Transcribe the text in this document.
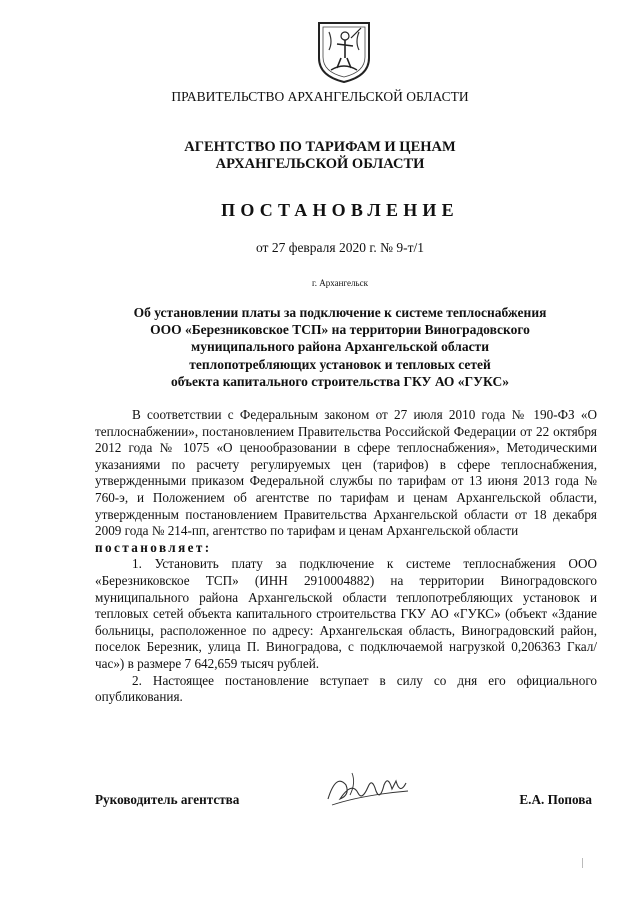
ПРАВИТЕЛЬСТВО АРХАНГЕЛЬСКОЙ ОБЛАСТИ
АГЕНТСТВО ПО ТАРИФАМ И ЦЕНАМ
АРХАНГЕЛЬСКОЙ ОБЛАСТИ
ПОСТАНОВЛЕНИЕ
от 27 февраля 2020 г. № 9-т/1
г. Архангельск
Об установлении платы за подключение к системе теплоснабжения
ООО «Березниковское ТСП» на территории Виноградовского
муниципального района Архангельской области
теплопотребляющих установок и тепловых сетей
объекта капитального строительства ГКУ АО «ГУКС»

В соответствии с Федеральным законом от 27 июля 2010 года № 190-ФЗ «О теплоснабжении», постановлением Правительства Российской Федерации от 22 октября 2012 года № 1075 «О ценообразовании в сфере теплоснабжения», Методическими указаниями по расчету регулируемых цен (тарифов) в сфере теплоснабжения, утвержденными приказом Федеральной службы по тарифам от 13 июня 2013 года № 760-э, и Положением об агентстве по тарифам и ценам Архангельской области, утвержденным постановлением Правительства Архангельской области от 18 декабря 2009 года № 214-пп, агентство по тарифам и ценам Архангельской области

постановляет:

1. Установить плату за подключение к системе теплоснабжения ООО «Березниковское ТСП» (ИНН 2910004882) на территории Виноградовского муниципального района Архангельской области теплопотребляющих установок и тепловых сетей объекта капитального строительства ГКУ АО «ГУКС» (объект «Здание больницы, расположенное по адресу: Архангельская область, Виноградовский район, поселок Березник, улица П. Виноградова, с подключаемой нагрузкой 0,206363 Гкал/час») в размере 7 642,659 тысяч рублей.

2. Настоящее постановление вступает в силу со дня его официального опубликования.

Руководитель агентства	Е.А. Попова
